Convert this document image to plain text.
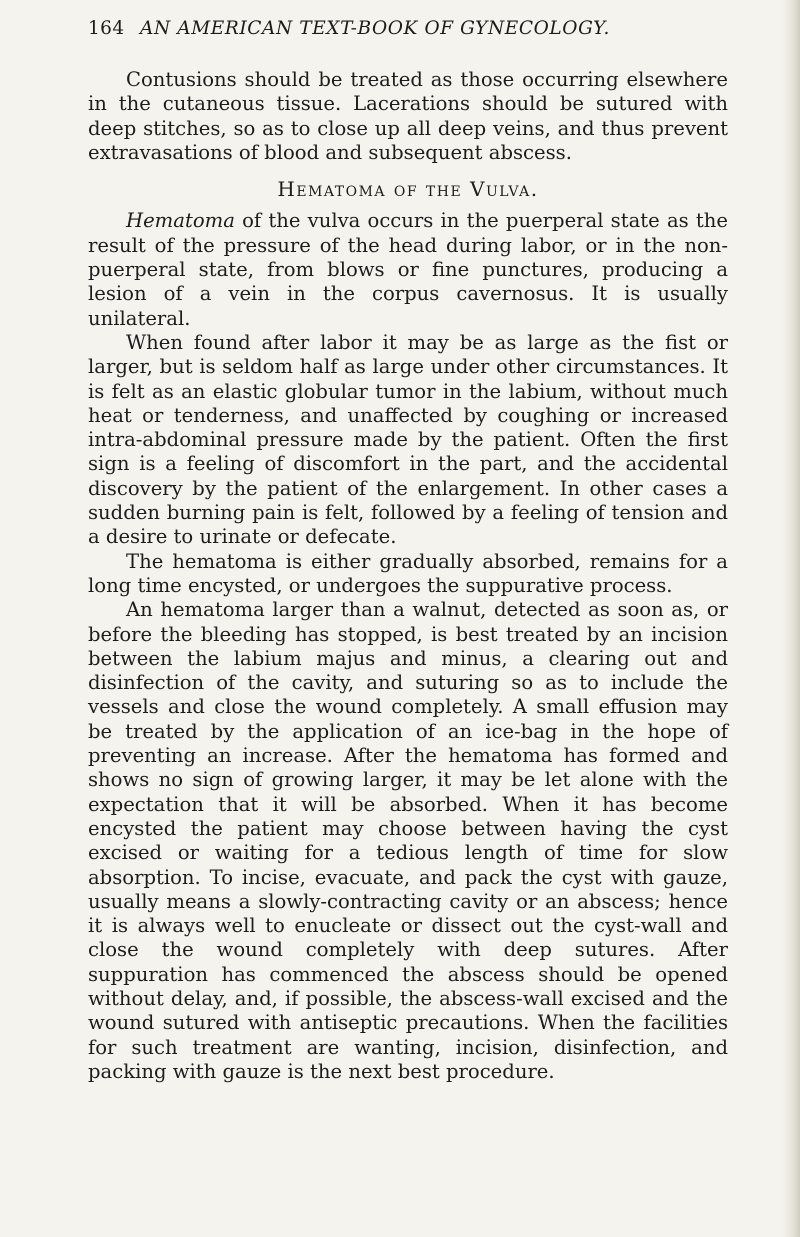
164 AN AMERICAN TEXT-BOOK OF GYNECOLOGY.

Contusions should be treated as those occurring elsewhere in the cutaneous tissue. Lacerations should be sutured with deep stitches, so as to close up all deep veins, and thus prevent extravasations of blood and subsequent abscess.

Hematoma of the Vulva.

Hematoma of the vulva occurs in the puerperal state as the result of the pressure of the head during labor, or in the non-puerperal state, from blows or fine punctures, producing a lesion of a vein in the corpus cavernosus. It is usually unilateral.

When found after labor it may be as large as the fist or larger, but is seldom half as large under other circumstances. It is felt as an elastic globular tumor in the labium, without much heat or tenderness, and unaffected by coughing or increased intra-abdominal pressure made by the patient. Often the first sign is a feeling of discomfort in the part, and the accidental discovery by the patient of the enlargement. In other cases a sudden burning pain is felt, followed by a feeling of tension and a desire to urinate or defecate.

The hematoma is either gradually absorbed, remains for a long time encysted, or undergoes the suppurative process.

An hematoma larger than a walnut, detected as soon as, or before the bleeding has stopped, is best treated by an incision between the labium majus and minus, a clearing out and disinfection of the cavity, and suturing so as to include the vessels and close the wound completely. A small effusion may be treated by the application of an ice-bag in the hope of preventing an increase. After the hematoma has formed and shows no sign of growing larger, it may be let alone with the expectation that it will be absorbed. When it has become encysted the patient may choose between having the cyst excised or waiting for a tedious length of time for slow absorption. To incise, evacuate, and pack the cyst with gauze, usually means a slowly-contracting cavity or an abscess; hence it is always well to enucleate or dissect out the cyst-wall and close the wound completely with deep sutures. After suppuration has commenced the abscess should be opened without delay, and, if possible, the abscess-wall excised and the wound sutured with antiseptic precautions. When the facilities for such treatment are wanting, incision, disinfection, and packing with gauze is the next best procedure.
